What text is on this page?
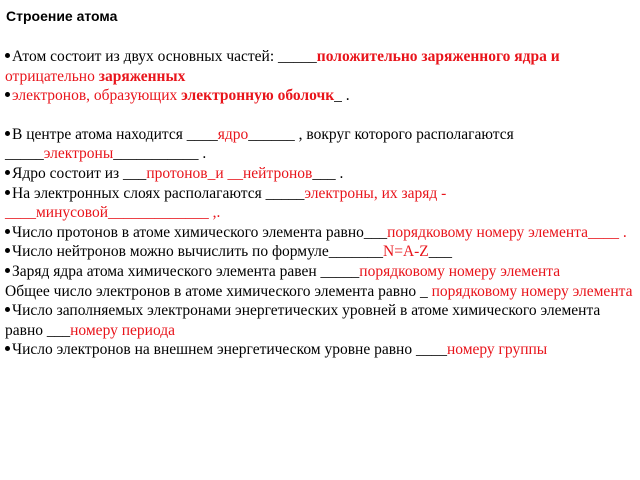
Строение атома

Атом состоит из двух основных частей: _____положительно заряженного ядра и отрицательно заряженных

электронов, образующих электронную оболочк_ .

В центре атома находится ____ядро______ , вокруг которого располагаются _____электроны___________ .

Ядро состоит из ___протонов_и __нейтронов___ .

На электронных слоях располагаются _____электроны, их заряд - ____минусовой_____________ ,.

Число протонов в атоме химического элемента равно___порядковому номеру элемента____ .

Число нейтронов можно вычислить по формуле_______N=A-Z___

Заряд ядра атома химического элемента равен _____порядковому номеру элемента

Общее число электронов в атоме химического элемента равно _ порядковому номеру элемента

Число заполняемых электронами энергетических уровней в атоме химического элемента равно ___номеру периода

Число электронов на внешнем энергетическом уровне равно ____номеру группы
